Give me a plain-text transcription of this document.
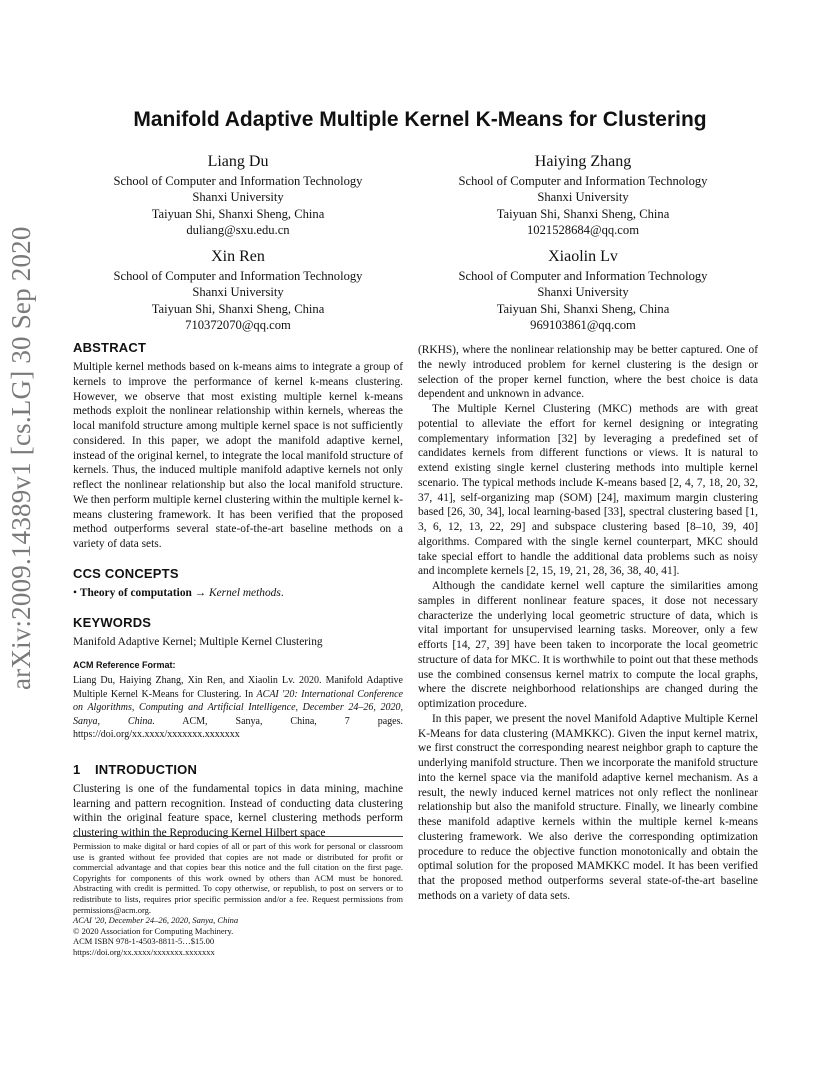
arXiv:2009.14389v1 [cs.LG] 30 Sep 2020
Manifold Adaptive Multiple Kernel K-Means for Clustering
Liang Du
School of Computer and Information Technology
Shanxi University
Taiyuan Shi, Shanxi Sheng, China
duliang@sxu.edu.cn
Haiying Zhang
School of Computer and Information Technology
Shanxi University
Taiyuan Shi, Shanxi Sheng, China
1021528684@qq.com
Xin Ren
School of Computer and Information Technology
Shanxi University
Taiyuan Shi, Shanxi Sheng, China
710372070@qq.com
Xiaolin Lv
School of Computer and Information Technology
Shanxi University
Taiyuan Shi, Shanxi Sheng, China
969103861@qq.com
ABSTRACT

Multiple kernel methods based on k-means aims to integrate a group of kernels to improve the performance of kernel k-means clustering. However, we observe that most existing multiple kernel k-means methods exploit the nonlinear relationship within kernels, whereas the local manifold structure among multiple kernel space is not sufficiently considered. In this paper, we adopt the manifold adaptive kernel, instead of the original kernel, to integrate the local manifold structure of kernels. Thus, the induced multiple manifold adaptive kernels not only reflect the nonlinear relationship but also the local manifold structure. We then perform multiple kernel clustering within the multiple kernel k-means clustering framework. It has been verified that the proposed method outperforms several state-of-the-art baseline methods on a variety of data sets.

CCS CONCEPTS

• Theory of computation → Kernel methods.

KEYWORDS

Manifold Adaptive Kernel; Multiple Kernel Clustering

ACM Reference Format:

Liang Du, Haiying Zhang, Xin Ren, and Xiaolin Lv. 2020. Manifold Adaptive Multiple Kernel K-Means for Clustering. In ACAI '20: International Conference on Algorithms, Computing and Artificial Intelligence, December 24–26, 2020, Sanya, China. ACM, Sanya, China, 7 pages. https://doi.org/xx.xxxx/xxxxxxx.xxxxxxx

1 INTRODUCTION

Clustering is one of the fundamental topics in data mining, machine learning and pattern recognition. Instead of conducting data clustering within the original feature space, kernel clustering methods perform clustering within the Reproducing Kernel Hilbert space

Permission to make digital or hard copies of all or part of this work for personal or classroom use is granted without fee provided that copies are not made or distributed for profit or commercial advantage and that copies bear this notice and the full citation on the first page. Copyrights for components of this work owned by others than ACM must be honored. Abstracting with credit is permitted. To copy otherwise, or republish, to post on servers or to redistribute to lists, requires prior specific permission and/or a fee. Request permissions from permissions@acm.org.

ACAI '20, December 24–26, 2020, Sanya, China

© 2020 Association for Computing Machinery.

ACM ISBN 978-1-4503-8811-5…$15.00

https://doi.org/xx.xxxx/xxxxxxx.xxxxxxx

(RKHS), where the nonlinear relationship may be better captured. One of the newly introduced problem for kernel clustering is the design or selection of the proper kernel function, where the best choice is data dependent and unknown in advance.

The Multiple Kernel Clustering (MKC) methods are with great potential to alleviate the effort for kernel designing or integrating complementary information [32] by leveraging a predefined set of candidates kernels from different functions or views. It is natural to extend existing single kernel clustering methods into multiple kernel scenario. The typical methods include K-means based [2, 4, 7, 18, 20, 32, 37, 41], self-organizing map (SOM) [24], maximum margin clustering based [26, 30, 34], local learning-based [33], spectral clustering based [1, 3, 6, 12, 13, 22, 29] and subspace clustering based [8–10, 39, 40] algorithms. Compared with the single kernel counterpart, MKC should take special effort to handle the additional data problems such as noisy and incomplete kernels [2, 15, 19, 21, 28, 36, 38, 40, 41].

Although the candidate kernel well capture the similarities among samples in different nonlinear feature spaces, it dose not necessary characterize the underlying local geometric structure of data, which is vital important for unsupervised learning tasks. Moreover, only a few efforts [14, 27, 39] have been taken to incorporate the local geometric structure of data for MKC. It is worthwhile to point out that these methods use the combined consensus kernel matrix to compute the local graphs, where the discrete neighborhood relationships are changed during the optimization procedure.

In this paper, we present the novel Manifold Adaptive Multiple Kernel K-Means for data clustering (MAMKKC). Given the input kernel matrix, we first construct the corresponding nearest neighbor graph to capture the underlying manifold structure. Then we incorporate the manifold structure into the kernel space via the manifold adaptive kernel mechanism. As a result, the newly induced kernel matrices not only reflect the nonlinear relationship but also the manifold structure. Finally, we linearly combine these manifold adaptive kernels within the multiple kernel k-means clustering framework. We also derive the corresponding optimization procedure to reduce the objective function monotonically and obtain the optimal solution for the proposed MAMKKC model. It has been verified that the proposed method outperforms several state-of-the-art baseline methods on a variety of data sets.
